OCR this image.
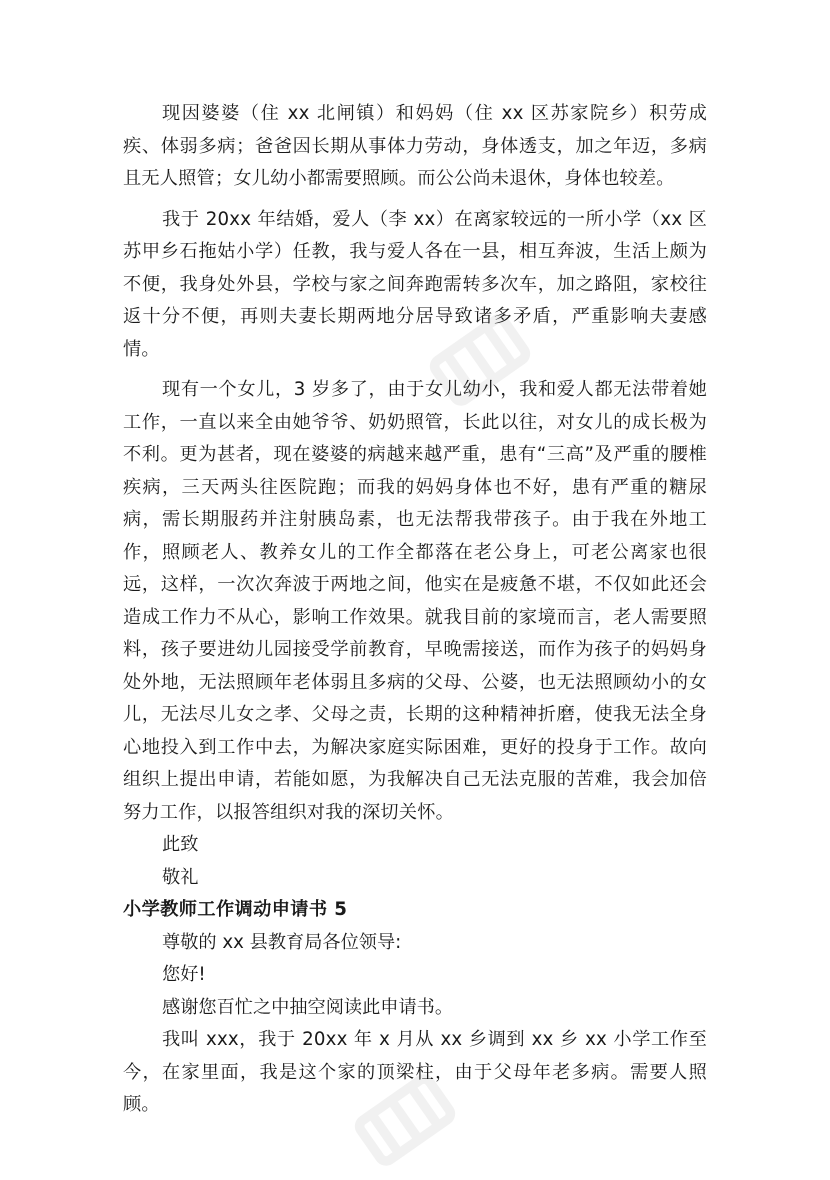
现因婆婆（住 xx 北闸镇）和妈妈（住 xx 区苏家院乡）积劳成疾、体弱多病；爸爸因长期从事体力劳动，身体透支，加之年迈，多病且无人照管；女儿幼小都需要照顾。而公公尚未退休，身体也较差。

我于 20xx 年结婚，爱人（李 xx）在离家较远的一所小学（xx 区苏甲乡石拖姑小学）任教，我与爱人各在一县，相互奔波，生活上颇为不便，我身处外县，学校与家之间奔跑需转多次车，加之路阻，家校往返十分不便，再则夫妻长期两地分居导致诸多矛盾，严重影响夫妻感情。

现有一个女儿，3 岁多了，由于女儿幼小，我和爱人都无法带着她工作，一直以来全由她爷爷、奶奶照管，长此以往，对女儿的成长极为不利。更为甚者，现在婆婆的病越来越严重，患有“三高”及严重的腰椎疾病，三天两头往医院跑；而我的妈妈身体也不好，患有严重的糖尿病，需长期服药并注射胰岛素，也无法帮我带孩子。由于我在外地工作，照顾老人、教养女儿的工作全都落在老公身上，可老公离家也很远，这样，一次次奔波于两地之间，他实在是疲惫不堪，不仅如此还会造成工作力不从心，影响工作效果。就我目前的家境而言，老人需要照料，孩子要进幼儿园接受学前教育，早晚需接送，而作为孩子的妈妈身处外地，无法照顾年老体弱且多病的父母、公婆，也无法照顾幼小的女儿，无法尽儿女之孝、父母之责，长期的这种精神折磨，使我无法全身心地投入到工作中去，为解决家庭实际困难，更好的投身于工作。故向组织上提出申请，若能如愿，为我解决自己无法克服的苦难，我会加倍努力工作，以报答组织对我的深切关怀。

此致

敬礼

小学教师工作调动申请书 5

尊敬的 xx 县教育局各位领导:

您好!

感谢您百忙之中抽空阅读此申请书。

我叫 xxx，我于 20xx 年 x 月从 xx 乡调到 xx 乡 xx 小学工作至今，在家里面，我是这个家的顶梁柱，由于父母年老多病。需要人照顾。
